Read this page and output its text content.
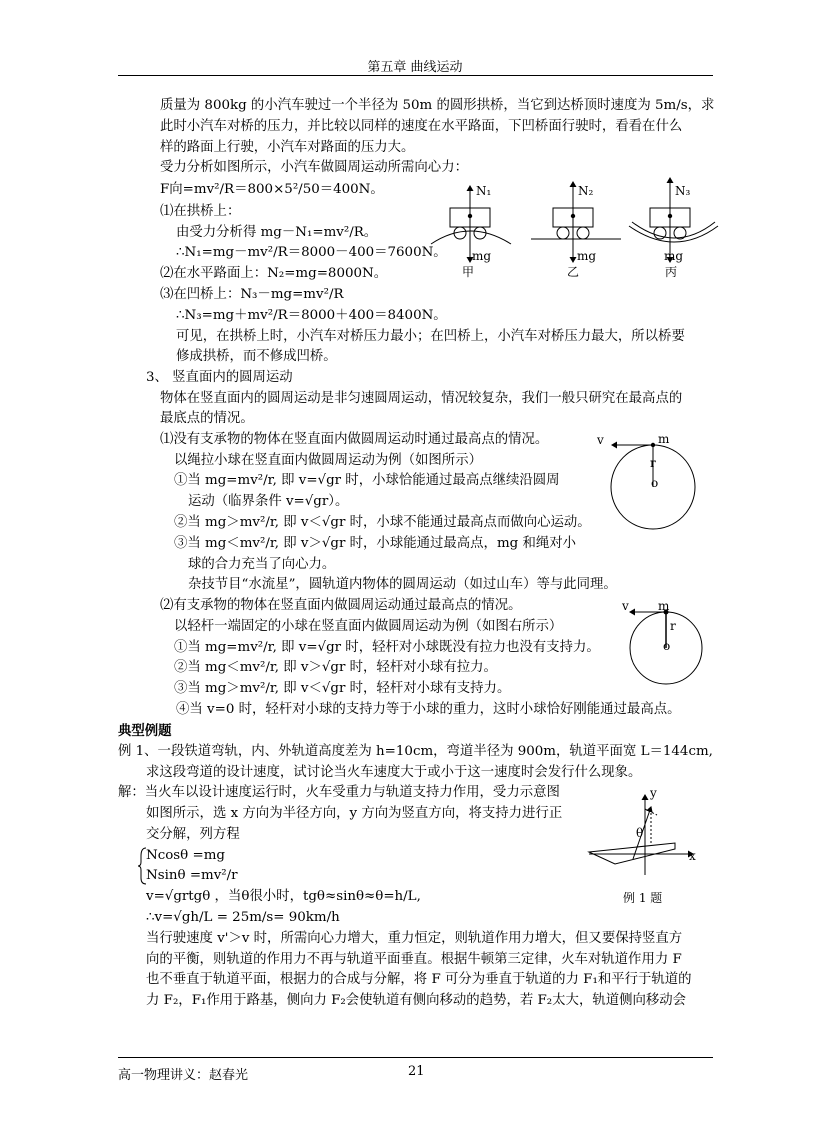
第五章 曲线运动
质量为 800kg 的小汽车驶过一个半径为 50m 的圆形拱桥，当它到达桥顶时速度为 5m/s，求
此时小汽车对桥的压力，并比较以同样的速度在水平路面，下凹桥面行驶时，看看在什么
样的路面上行驶，小汽车对路面的压力大。
受力分析如图所示，小汽车做圆周运动所需向心力：
F向=mv²/R＝800×5²/50＝400N。
⑴在拱桥上：
由受力分析得 mg－N₁=mv²/R。
∴N₁=mg－mv²/R＝8000－400＝7600N。
⑵在水平路面上：N₂=mg=8000N。
⑶在凹桥上：N₃－mg=mv²/R
∴N₃=mg＋mv²/R＝8000＋400＝8400N。
可见，在拱桥上时，小汽车对桥压力最小；在凹桥上，小汽车对桥压力最大，所以桥要
修成拱桥，而不修成凹桥。
3、 竖直面内的圆周运动
物体在竖直面内的圆周运动是非匀速圆周运动，情况较复杂，我们一般只研究在最高点的
最底点的情况。
⑴没有支承物的物体在竖直面内做圆周运动时通过最高点的情况。
以绳拉小球在竖直面内做圆周运动为例（如图所示）
①当 mg=mv²/r, 即 v=√gr 时，小球恰能通过最高点继续沿圆周
运动（临界条件 v=√gr）。
②当 mg＞mv²/r, 即 v＜√gr 时，小球不能通过最高点而做向心运动。
③当 mg＜mv²/r, 即 v＞√gr 时，小球能通过最高点，mg 和绳对小
球的合力充当了向心力。
杂技节目“水流星”，圆轨道内物体的圆周运动（如过山车）等与此同理。
⑵有支承物的物体在竖直面内做圆周运动通过最高点的情况。
以轻杆一端固定的小球在竖直面内做圆周运动为例（如图右所示）
①当 mg=mv²/r, 即 v=√gr 时，轻杆对小球既没有拉力也没有支持力。
②当 mg＜mv²/r, 即 v＞√gr 时，轻杆对小球有拉力。
③当 mg＞mv²/r, 即 v＜√gr 时，轻杆对小球有支持力。
④当 v=0 时，轻杆对小球的支持力等于小球的重力，这时小球恰好刚能通过最高点。
典型例题
例 1、一段铁道弯轨，内、外轨道高度差为 h=10cm，弯道半径为 900m，轨道平面宽 L＝144cm,
求这段弯道的设计速度，试讨论当火车速度大于或小于这一速度时会发行什么现象。
解：当火车以设计速度运行时，火车受重力与轨道支持力作用，受力示意图
如图所示，选 x 方向为半径方向，y 方向为竖直方向，将支持力进行正
交分解，列方程
Ncosθ =mg
Nsinθ =mv²/r
v=√grtgθ ，当θ很小时，tgθ≈sinθ≈θ=h/L,
∴v=√gh/L = 25m/s= 90km/h
当行驶速度 v'＞v 时，所需向心力增大，重力恒定，则轨道作用力增大，但又要保持竖直方
向的平衡，则轨道的作用力不再与轨道平面垂直。根据牛顿第三定律，火车对轨道作用力 F
也不垂直于轨道平面，根据力的合成与分解，将 F 可分为垂直于轨道的力 F₁和平行于轨道的
力 F₂，F₁作用于路基，侧向力 F₂会使轨道有侧向移动的趋势，若 F₂太大，轨道侧向移动会
N₁	N₂	N₃
mg	mg	mg
甲	乙	丙
v	m
r
o
v m
r
o
y
x
θ
例 1 题
高一物理讲义：赵春光	21
